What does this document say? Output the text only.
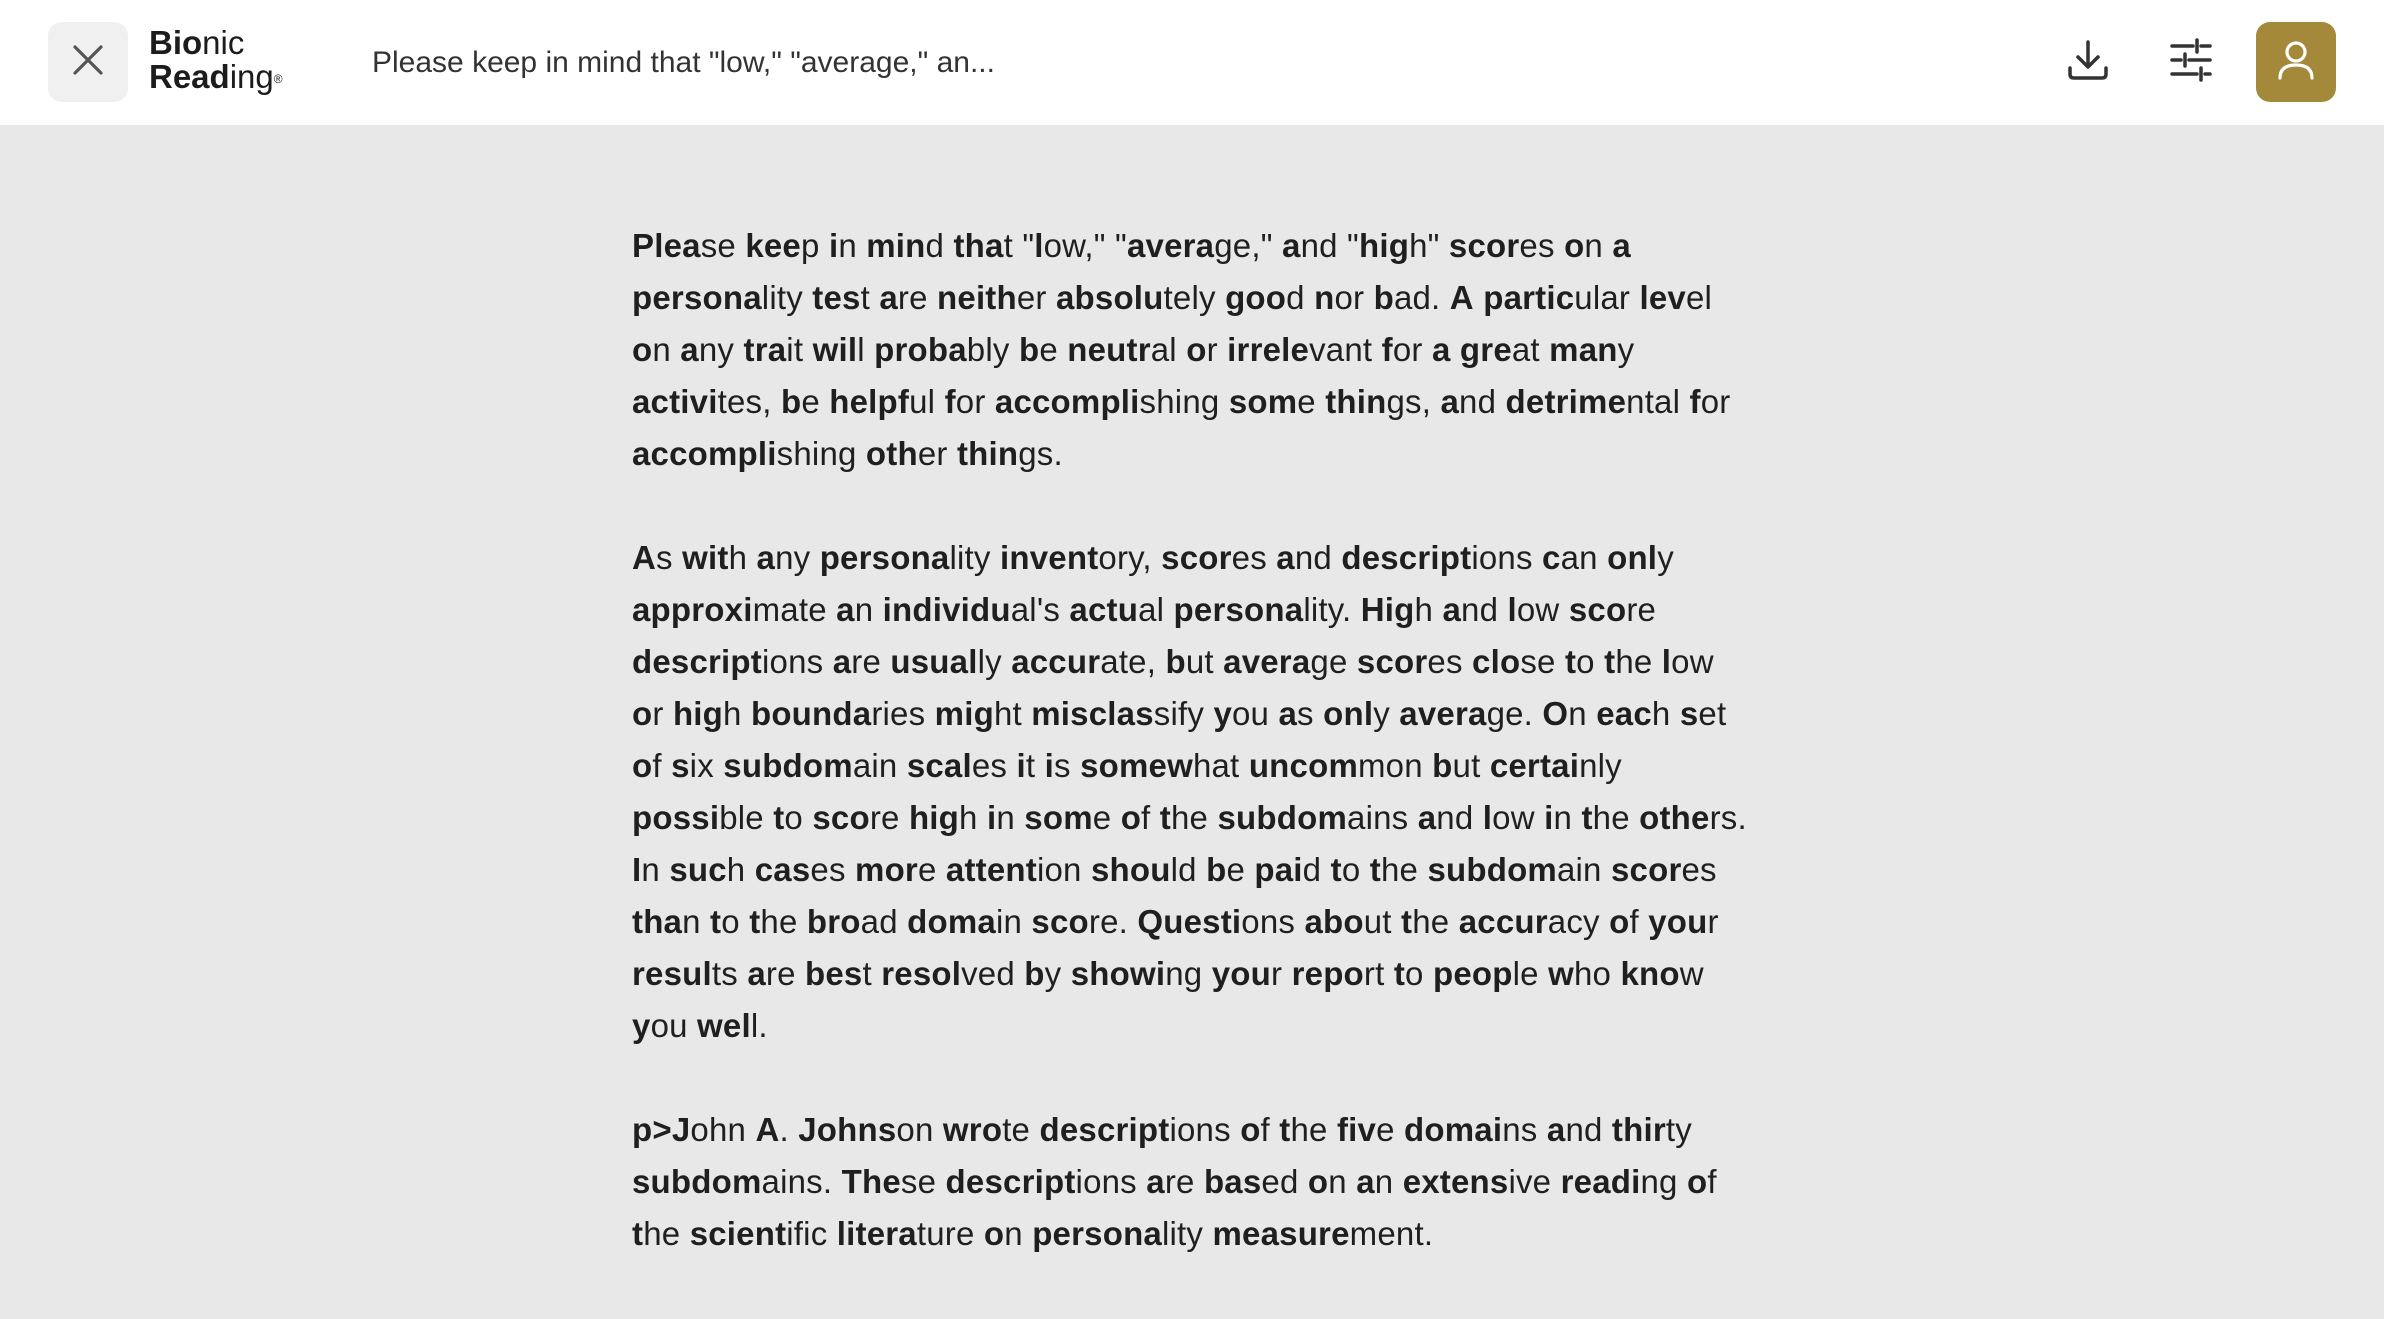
Bionic
Reading®	Please keep in mind that "low," "average," an...

Please keep in mind that "low," "average," and "high" scores on a personality test are neither absolutely good nor bad. A particular level on any trait will probably be neutral or irrelevant for a great many activites, be helpful for accomplishing some things, and detrimental for accomplishing other things.

As with any personality inventory, scores and descriptions can only approximate an individual's actual personality. High and low score descriptions are usually accurate, but average scores close to the low or high boundaries might misclassify you as only average. On each set of six subdomain scales it is somewhat uncommon but certainly possible to score high in some of the subdomains and low in the others. In such cases more attention should be paid to the subdomain scores than to the broad domain score. Questions about the accuracy of your results are best resolved by showing your report to people who know you well.

p>John A. Johnson wrote descriptions of the five domains and thirty subdomains. These descriptions are based on an extensive reading of the scientific literature on personality measurement.
